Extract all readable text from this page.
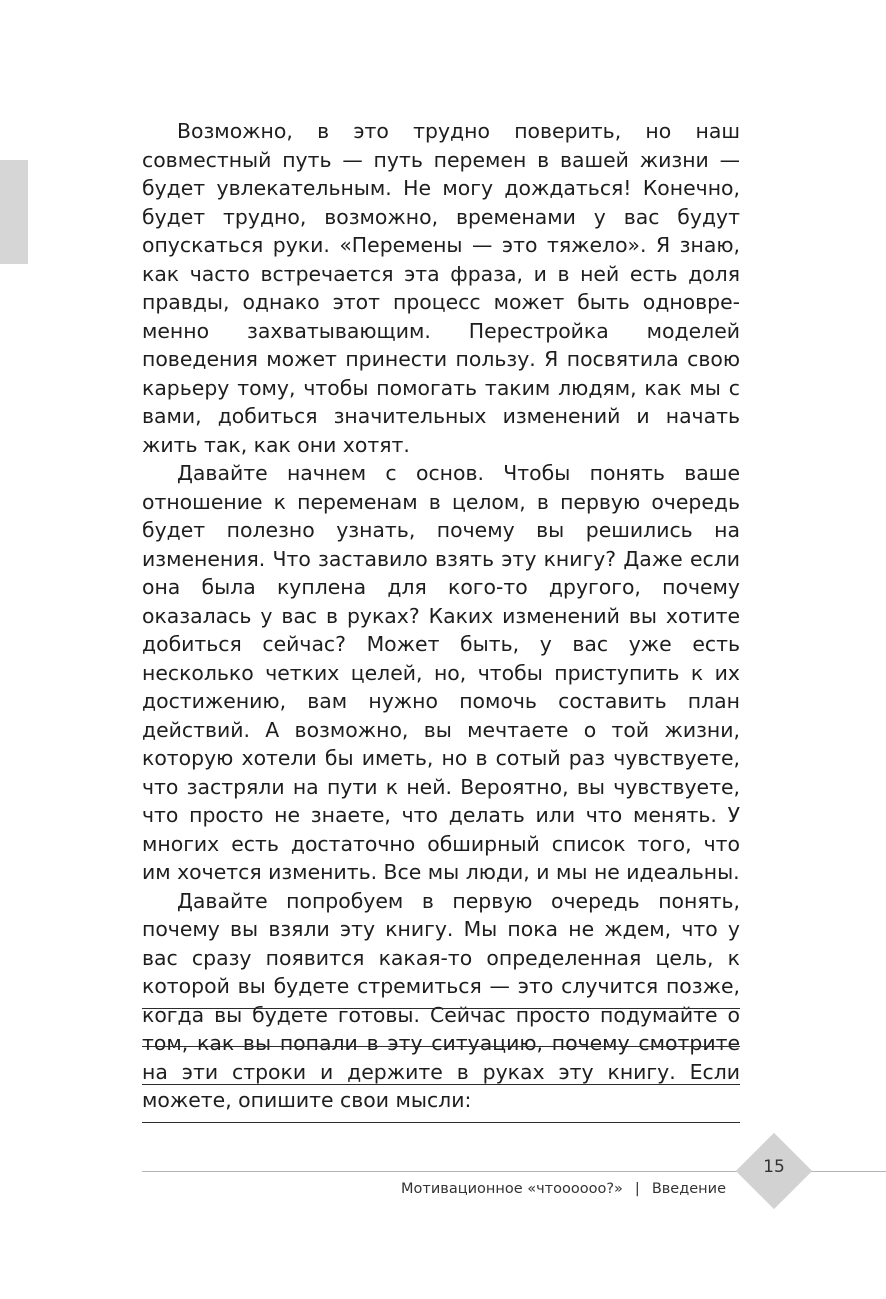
Возможно, в это трудно поверить, но наш совместный путь — путь перемен в вашей жизни — будет увлекательным. Не могу дождаться! Конечно, будет трудно, возможно, временами у вас будут опускаться руки. «Перемены — это тяжело». Я знаю, как часто встречается эта фраза, и в ней есть доля правды, однако этот процесс может быть одновременно захватывающим. Перестройка моделей поведения может принести пользу. Я посвятила свою карьеру тому, чтобы помогать таким людям, как мы с вами, добиться значительных изменений и начать жить так, как они хотят.

Давайте начнем с основ. Чтобы понять ваше отношение к переменам в целом, в первую очередь будет полезно узнать, почему вы решились на изменения. Что заставило взять эту книгу? Даже если она была куплена для кого-то другого, почему оказалась у вас в руках? Каких изменений вы хотите добиться сейчас? Может быть, у вас уже есть несколько четких целей, но, чтобы приступить к их достижению, вам нужно помочь составить план действий. А возможно, вы мечтаете о той жизни, которую хотели бы иметь, но в сотый раз чувствуете, что застряли на пути к ней. Вероятно, вы чувствуете, что просто не знаете, что делать или что менять. У многих есть достаточно обширный список того, что им хочется изменить. Все мы люди, и мы не идеальны.

Давайте попробуем в первую очередь понять, почему вы взяли эту книгу. Мы пока не ждем, что у вас сразу появится какая-то определенная цель, к которой вы будете стремиться — это случится позже, когда вы будете готовы. Сейчас просто подумайте о том, как вы попали в эту ситуацию, почему смотрите на эти строки и держите в руках эту книгу. Если можете, опишите свои мысли:

Мотивационное «чтоооооо?» | Введение
15
